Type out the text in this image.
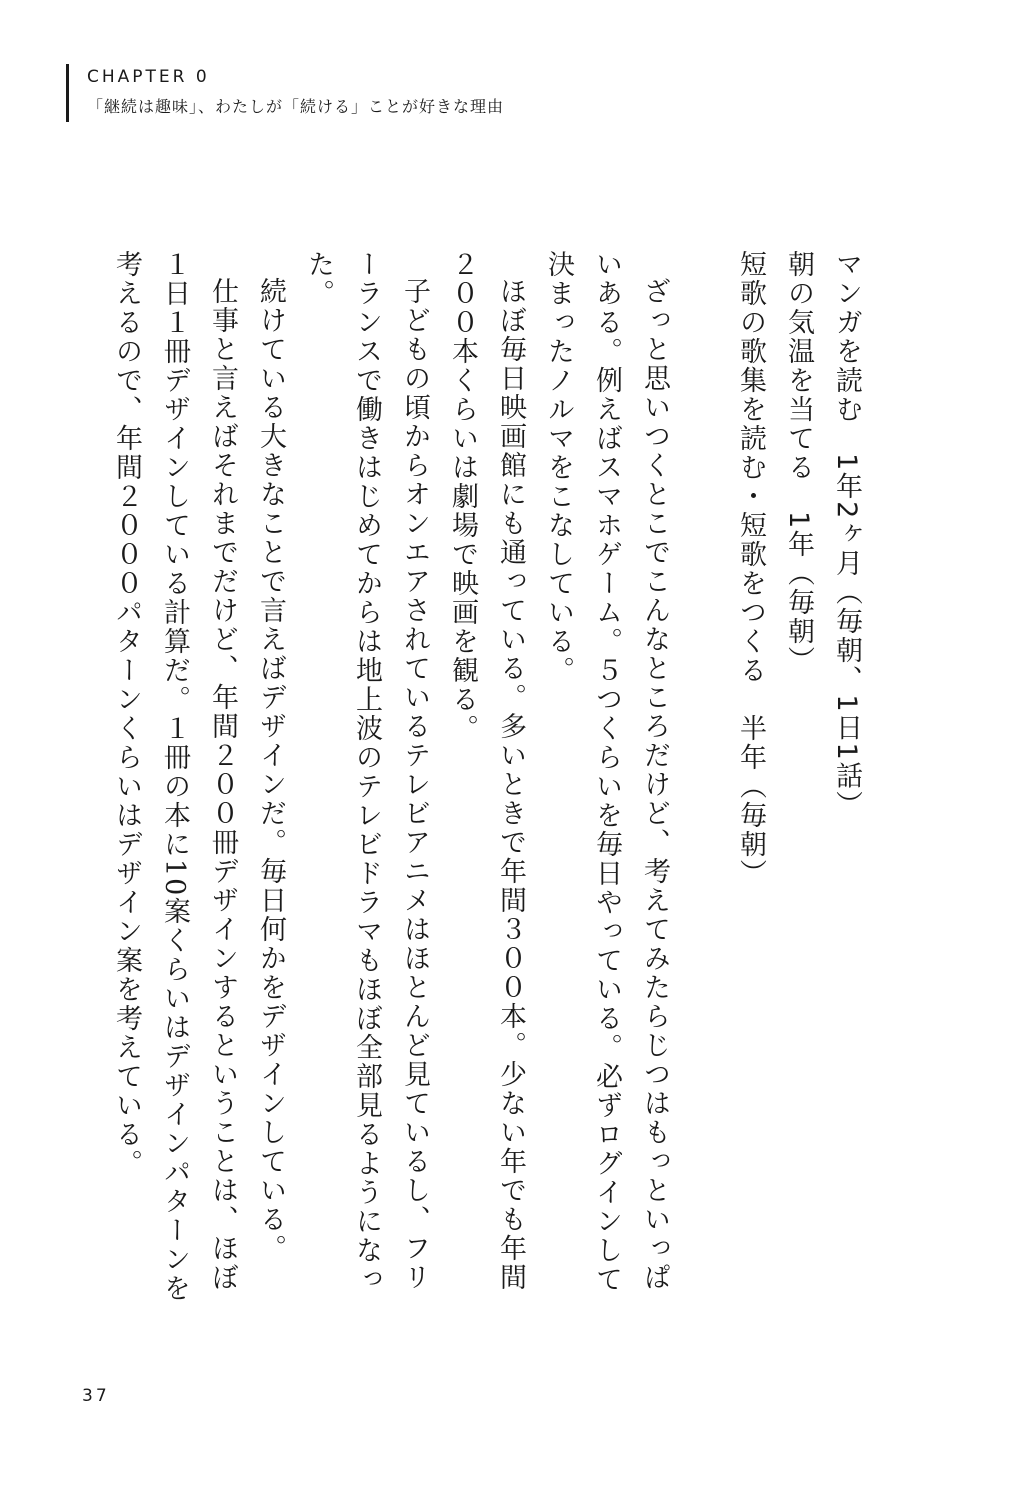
CHAPTER 0
「継続は趣味」、わたしが「続ける」ことが好きな理由

マンガを読む　1年2ヶ月（毎朝、1日1話）

朝の気温を当てる　1年（毎朝）

短歌の歌集を読む・短歌をつくる　半年（毎朝）

ざっと思いつくとこでこんなところだけど、考えてみたらじつはもっといっぱいある。例えばスマホゲーム。５つくらいを毎日やっている。必ずログインして決まったノルマをこなしている。

ほぼ毎日映画館にも通っている。多いときで年間３００本。少ない年でも年間２００本くらいは劇場で映画を観る。

子どもの頃からオンエアされているテレビアニメはほとんど見ているし、フリーランスで働きはじめてからは地上波のテレビドラマもほぼ全部見るようになった。

続けている大きなことで言えばデザインだ。毎日何かをデザインしている。

仕事と言えばそれまでだけど、年間２００冊デザインするということは、ほぼ１日１冊デザインしている計算だ。１冊の本に10案くらいはデザインパターンを考えるので、年間２０００パターンくらいはデザイン案を考えている。

37
